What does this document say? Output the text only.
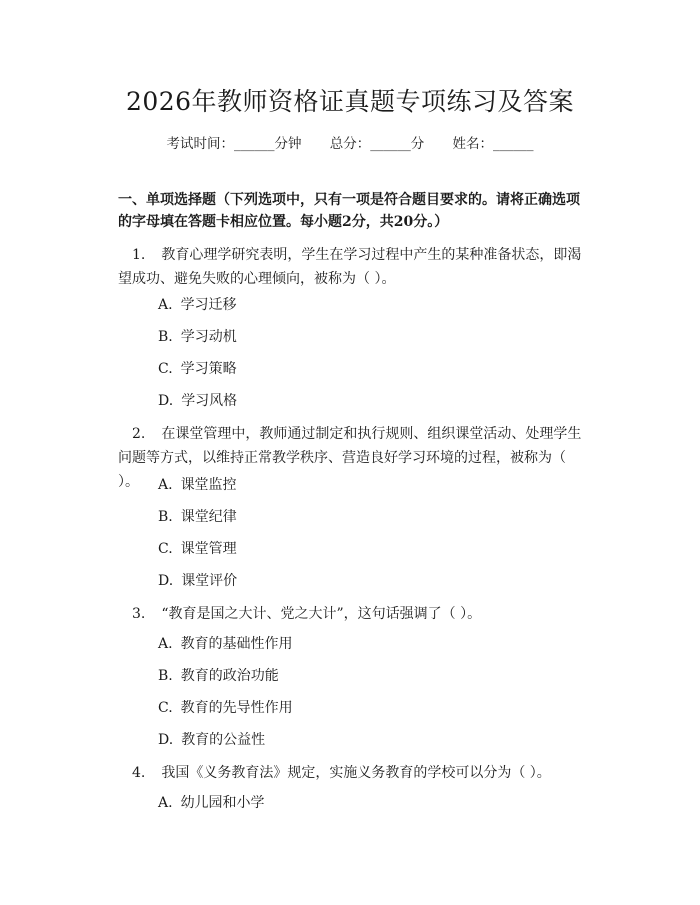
2026年教师资格证真题专项练习及答案
考试时间：______分钟 总分：______分 姓名：______
一、单项选择题（下列选项中，只有一项是符合题目要求的。请将正确选项的字母填在答题卡相应位置。每小题2分，共20分。）
1. 教育心理学研究表明，学生在学习过程中产生的某种准备状态，即渴望成功、避免失败的心理倾向，被称为（ ）。
A. 学习迁移
B. 学习动机
C. 学习策略
D. 学习风格
2. 在课堂管理中，教师通过制定和执行规则、组织课堂活动、处理学生问题等方式，以维持正常教学秩序、营造良好学习环境的过程，被称为（ ）。	A. 课堂监控
B. 课堂纪律
C. 课堂管理
D. 课堂评价
3. “教育是国之大计、党之大计”，这句话强调了（ ）。
A. 教育的基础性作用
B. 教育的政治功能
C. 教育的先导性作用
D. 教育的公益性
4. 我国《义务教育法》规定，实施义务教育的学校可以分为（ ）。
A. 幼儿园和小学
